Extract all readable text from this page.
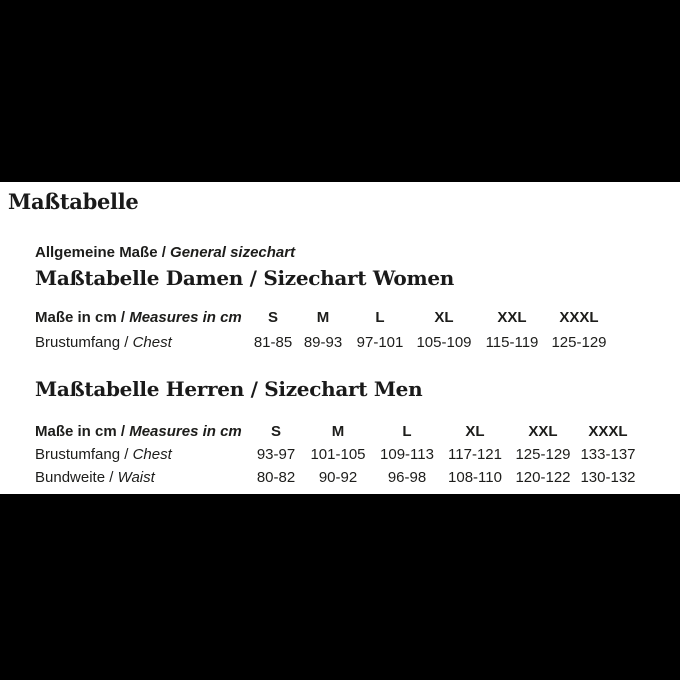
Maßtabelle
Allgemeine Maße / General sizechart
Maßtabelle Damen / Sizechart Women
Maße in cm / Measures in cm	S	M	L	XL	XXL	XXXL
Brustumfang / Chest	81-85 89-93 97-101 105-109 115-119 125-129
Maßtabelle Herren / Sizechart Men
Maße in cm / Measures in cm	S	M	L	XL	XXL	XXXL
Brustumfang / Chest	93-97	101-105 109-113 117-121 125-129 133-137
Bundweite / Waist	80-82	90-92	96-98	108-110 120-122 130-132
